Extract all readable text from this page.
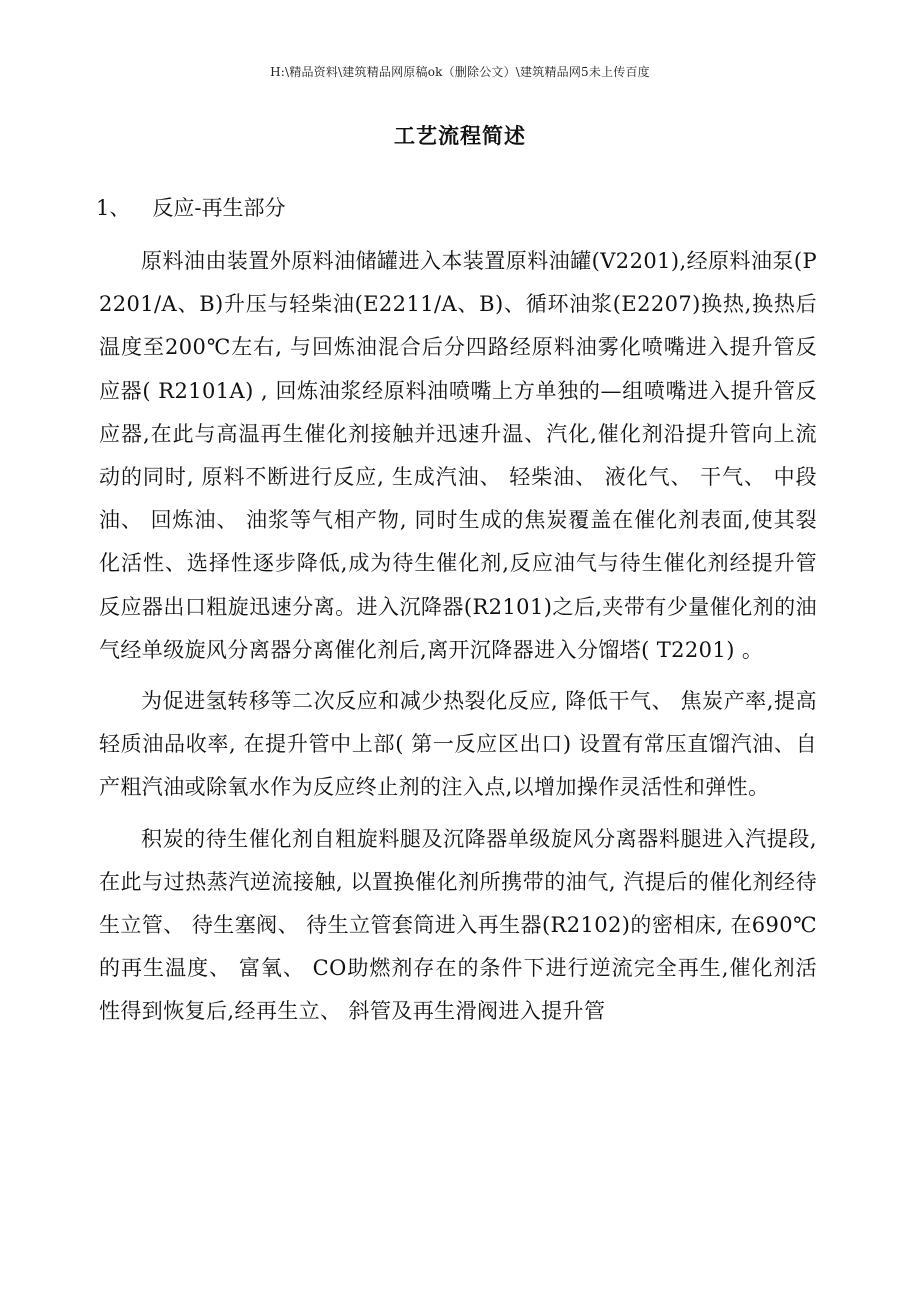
H:\精品资料\建筑精品网原稿ok（删除公文）\建筑精品网5未上传百度
工艺流程简述
1、 反应-再生部分

原料油由装置外原料油储罐进入本装置原料油罐(V2201),经原料油泵(P2201/A、B)升压与轻柴油(E2211/A、B)、循环油浆(E2207)换热,换热后温度至200℃左右, 与回炼油混合后分四路经原料油雾化喷嘴进入提升管反应器( R2101A) , 回炼油浆经原料油喷嘴上方单独的—组喷嘴进入提升管反应器,在此与高温再生催化剂接触并迅速升温、汽化,催化剂沿提升管向上流动的同时, 原料不断进行反应, 生成汽油、 轻柴油、 液化气、 干气、 中段油、 回炼油、 油浆等气相产物, 同时生成的焦炭覆盖在催化剂表面,使其裂化活性、选择性逐步降低,成为待生催化剂,反应油气与待生催化剂经提升管反应器出口粗旋迅速分离。进入沉降器(R2101)之后,夹带有少量催化剂的油气经单级旋风分离器分离催化剂后,离开沉降器进入分馏塔( T2201) 。

为促进氢转移等二次反应和减少热裂化反应, 降低干气、 焦炭产率,提高轻质油品收率, 在提升管中上部( 第一反应区出口) 设置有常压直馏汽油、自产粗汽油或除氧水作为反应终止剂的注入点,以增加操作灵活性和弹性。

积炭的待生催化剂自粗旋料腿及沉降器单级旋风分离器料腿进入汽提段, 在此与过热蒸汽逆流接触, 以置换催化剂所携带的油气, 汽提后的催化剂经待生立管、 待生塞阀、 待生立管套筒进入再生器(R2102)的密相床, 在690℃的再生温度、 富氧、 CO助燃剂存在的条件下进行逆流完全再生,催化剂活性得到恢复后,经再生立、 斜管及再生滑阀进入提升管
